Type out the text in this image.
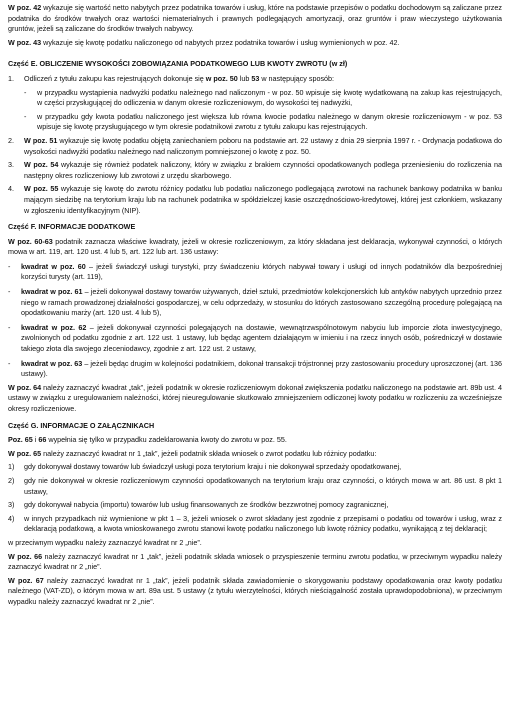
W poz. 42 wykazuje się wartość netto nabytych przez podatnika towarów i usług, które na podstawie przepisów o podatku dochodowym są zaliczane przez podatnika do środków trwałych oraz wartości niematerialnych i prawnych podlegających amortyzacji, oraz gruntów i praw wieczystego użytkowania gruntów, jeżeli są zaliczane do środków trwałych nabywcy.

W poz. 43 wykazuje się kwotę podatku naliczonego od nabytych przez podatnika towarów i usług wymienionych w poz. 42.

Część E. OBLICZENIE WYSOKOŚCI ZOBOWIĄZANIA PODATKOWEGO LUB KWOTY ZWROTU (w zł)
1.	Odliczeń z tytułu zakupu kas rejestrujących dokonuje się w poz. 50 lub 53 w następujący sposób:

-	w przypadku wystąpienia nadwyżki podatku należnego nad naliczonym - w poz. 50 wpisuje się kwotę wydatkowaną na zakup kas rejestrujących, w części przysługującej do odliczenia w danym okresie rozliczeniowym, do wysokości tej nadwyżki,
-	w przypadku gdy kwota podatku naliczonego jest większa lub równa kwocie podatku należnego w danym okresie rozliczeniowym - w poz. 53 wpisuje się kwotę przysługującego w tym okresie podatnikowi zwrotu z tytułu zakupu kas rejestrujących.
2.	W poz. 51 wykazuje się kwotę podatku objętą zaniechaniem poboru na podstawie art. 22 ustawy z dnia 29 sierpnia 1997 r. - Ordynacja podatkowa do wysokości nadwyżki podatku należnego nad naliczonym pomniejszonej o kwotę z poz. 50.

3.	W poz. 54 wykazuje się również podatek naliczony, który w związku z brakiem czynności opodatkowanych podlega przeniesieniu do rozliczenia na następny okres rozliczeniowy lub zwrotowi z urzędu skarbowego.

4.	W poz. 55 wykazuje się kwotę do zwrotu różnicy podatku lub podatku naliczonego podlegającą zwrotowi na rachunek bankowy podatnika w banku mającym siedzibę na terytorium kraju lub na rachunek podatnika w spółdzielczej kasie oszczędnościowo-kredytowej, której jest członkiem, wskazany w zgłoszeniu identyfikacyjnym (NIP).

Część F. INFORMACJE DODATKOWE

W poz. 60-63 podatnik zaznacza właściwe kwadraty, jeżeli w okresie rozliczeniowym, za który składana jest deklaracja, wykonywał czynności, o których mowa w art. 119, art. 120 ust. 4 lub 5, art. 122 lub art. 136 ustawy:

-	kwadrat w poz. 60 – jeżeli świadczył usługi turystyki, przy świadczeniu których nabywał towary i usługi od innych podatników dla bezpośredniej korzyści turysty (art. 119),
-	kwadrat w poz. 61 – jeżeli dokonywał dostawy towarów używanych, dzieł sztuki, przedmiotów kolekcjonerskich lub antyków nabytych uprzednio przez niego w ramach prowadzonej działalności gospodarczej, w celu odprzedaży, w stosunku do których zastosowano szczególną procedurę polegającą na opodatkowaniu marży (art. 120 ust. 4 lub 5),
-	kwadrat w poz. 62 – jeżeli dokonywał czynności polegających na dostawie, wewnątrzwspólnotowym nabyciu lub imporcie złota inwestycyjnego, zwolnionych od podatku zgodnie z art. 122 ust. 1 ustawy, lub będąc agentem działającym w imieniu i na rzecz innych osób, pośredniczył w dostawie takiego złota dla swojego zleceniodawcy, zgodnie z art. 122 ust. 2 ustawy,
-	kwadrat w poz. 63 – jeżeli będąc drugim w kolejności podatnikiem, dokonał transakcji trójstronnej przy zastosowaniu procedury uproszczonej (art. 136 ustawy).

W poz. 64 należy zaznaczyć kwadrat „tak”, jeżeli podatnik w okresie rozliczeniowym dokonał zwiększenia podatku naliczonego na podstawie art. 89b ust. 4 ustawy w związku z uregulowaniem należności, której nieuregulowanie skutkowało zmniejszeniem odliczonej kwoty podatku w rozliczeniu za wcześniejsze okresy rozliczeniowe.

Część G. INFORMACJE O ZAŁĄCZNIKACH

Poz. 65 i 66 wypełnia się tylko w przypadku zadeklarowania kwoty do zwrotu w poz. 55.

W poz. 65 należy zaznaczyć kwadrat nr 1 „tak”, jeżeli podatnik składa wniosek o zwrot podatku lub różnicy podatku:

1)	gdy dokonywał dostawy towarów lub świadczył usługi poza terytorium kraju i nie dokonywał sprzedaży opodatkowanej,
2)	gdy nie dokonywał w okresie rozliczeniowym czynności opodatkowanych na terytorium kraju oraz czynności, o których mowa w art. 86 ust. 8 pkt 1 ustawy,
3)	gdy dokonywał nabycia (importu) towarów lub usług finansowanych ze środków bezzwrotnej pomocy zagranicznej,
4)	w innych przypadkach niż wymienione w pkt 1 – 3, jeżeli wniosek o zwrot składany jest zgodnie z przepisami o podatku od towarów i usług, wraz z deklaracją podatkową, a kwota wnioskowanego zwrotu stanowi kwotę podatku naliczonego lub kwotę różnicy podatku, wynikającą z tej deklaracji;

w przeciwnym wypadku należy zaznaczyć kwadrat nr 2 „nie”.

W poz. 66 należy zaznaczyć kwadrat nr 1 „tak”, jeżeli podatnik składa wniosek o przyspieszenie terminu zwrotu podatku, w przeciwnym wypadku należy zaznaczyć kwadrat nr 2 „nie”.

W poz. 67 należy zaznaczyć kwadrat nr 1 „tak”, jeżeli podatnik składa zawiadomienie o skorygowaniu podstawy opodatkowania oraz kwoty podatku należnego (VAT-ZD), o którym mowa w art. 89a ust. 5 ustawy (z tytułu wierzytelności, których nieściągalność została uprawdopodobniona), w przeciwnym wypadku należy zaznaczyć kwadrat nr 2 „nie”.
